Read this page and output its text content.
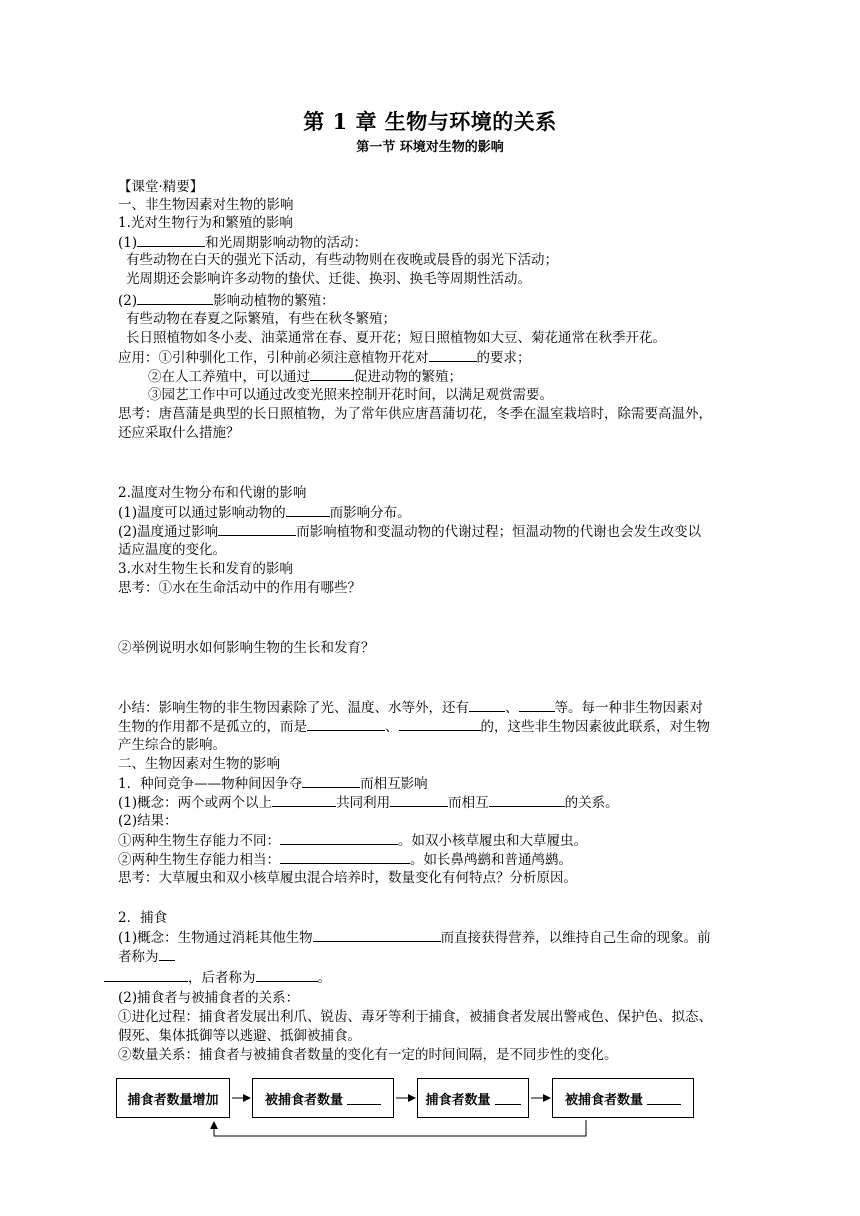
第 1 章 生物与环境的关系
第一节 环境对生物的影响
【课堂·精要】
一、非生物因素对生物的影响
1.光对生物行为和繁殖的影响
(1)	和光周期影响动物的活动：
有些动物在白天的强光下活动，有些动物则在夜晚或晨昏的弱光下活动；
光周期还会影响许多动物的蛰伏、迁徙、换羽、换毛等周期性活动。
(2)	影响动植物的繁殖：
有些动物在春夏之际繁殖，有些在秋冬繁殖；
长日照植物如冬小麦、油菜通常在春、夏开花；短日照植物如大豆、菊花通常在秋季开花。
应用：①引种驯化工作，引种前必须注意植物开花对	的要求；
②在人工养殖中，可以通过	促进动物的繁殖；
③园艺工作中可以通过改变光照来控制开花时间，以满足观赏需要。
思考：唐菖蒲是典型的长日照植物，为了常年供应唐菖蒲切花，冬季在温室栽培时，除需要高温外，
还应采取什么措施？
2.温度对生物分布和代谢的影响
(1)温度可以通过影响动物的	而影响分布。
(2)温度通过影响	而影响植物和变温动物的代谢过程；恒温动物的代谢也会发生改变以
适应温度的变化。
3.水对生物生长和发育的影响
思考：①水在生命活动中的作用有哪些？
②举例说明水如何影响生物的生长和发育？
小结：影响生物的非生物因素除了光、温度、水等外，还有	、	等。每一种非生物因素对
生物的作用都不是孤立的，而是	、	的，这些非生物因素彼此联系，对生物
产生综合的影响。
二、生物因素对生物的影响
1．种间竞争——物种间因争夺	而相互影响
(1)概念：两个或两个以上	共同利用	而相互	的关系。
(2)结果：
①两种生物生存能力不同：	。如双小核草履虫和大草履虫。
②两种生物生存能力相当：	。如长鼻鸬鹚和普通鸬鹚。
思考：大草履虫和双小核草履虫混合培养时，数量变化有何特点？分析原因。
2．捕食
(1)概念：生物通过消耗其他生物	而直接获得营养，以维持自己生命的现象。前
者称为
，后者称为	。
(2)捕食者与被捕食者的关系：
①进化过程：捕食者发展出利爪、锐齿、毒牙等利于捕食，被捕食者发展出警戒色、保护色、拟态、
假死、集体抵御等以逃避、抵御被捕食。
②数量关系：捕食者与被捕食者数量的变化有一定的时间间隔，是不同步性的变化。
捕食者数量增加	被捕食者数量	捕食者数量	被捕食者数量
